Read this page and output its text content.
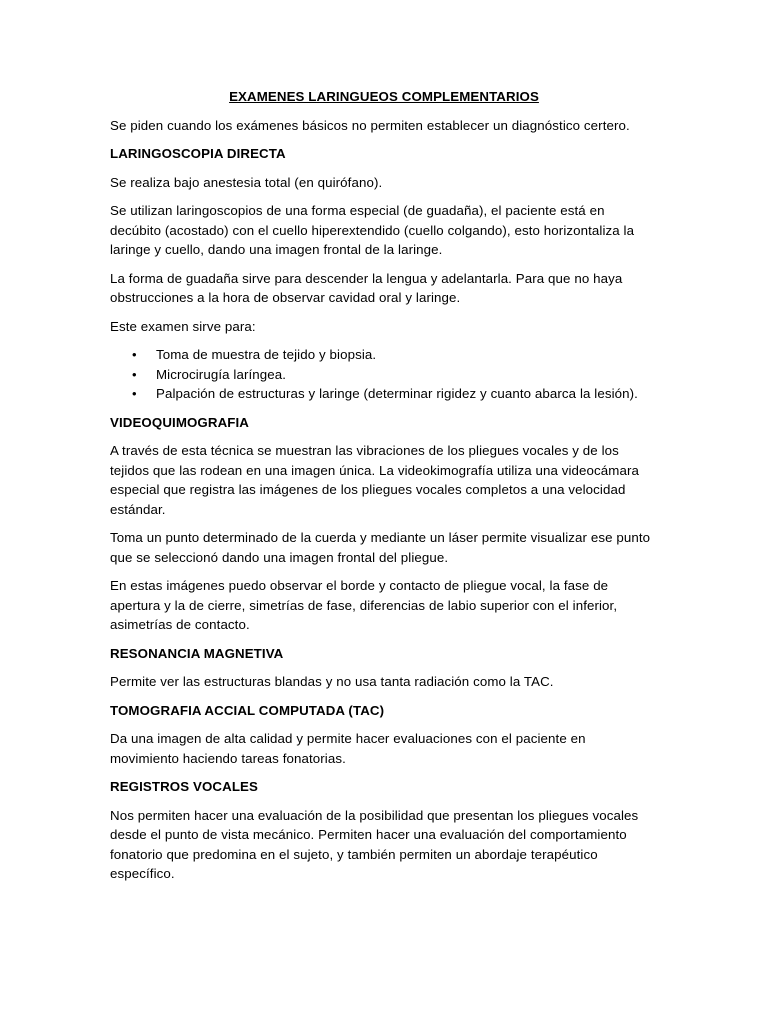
EXAMENES LARINGUEOS COMPLEMENTARIOS

Se piden cuando los exámenes básicos no permiten establecer un diagnóstico certero.

LARINGOSCOPIA DIRECTA

Se realiza bajo anestesia total (en quirófano).

Se utilizan laringoscopios de una forma especial (de guadaña), el paciente está en decúbito (acostado) con el cuello hiperextendido (cuello colgando), esto horizontaliza la laringe y cuello, dando una imagen frontal de la laringe.

La forma de guadaña sirve para descender la lengua y adelantarla. Para que no haya obstrucciones a la hora de observar cavidad oral y laringe.

Este examen sirve para:

• Toma de muestra de tejido y biopsia.
• Microcirugía laríngea.
• Palpación de estructuras y laringe (determinar rigidez y cuanto abarca la lesión).

VIDEOQUIMOGRAFIA

A través de esta técnica se muestran las vibraciones de los pliegues vocales y de los tejidos que las rodean en una imagen única. La videokimografía utiliza una videocámara especial que registra las imágenes de los pliegues vocales completos a una velocidad estándar.

Toma un punto determinado de la cuerda y mediante un láser permite visualizar ese punto que se seleccionó dando una imagen frontal del pliegue.

En estas imágenes puedo observar el borde y contacto de pliegue vocal, la fase de apertura y la de cierre, simetrías de fase, diferencias de labio superior con el inferior, asimetrías de contacto.

RESONANCIA MAGNETIVA

Permite ver las estructuras blandas y no usa tanta radiación como la TAC.

TOMOGRAFIA ACCIAL COMPUTADA (TAC)

Da una imagen de alta calidad y permite hacer evaluaciones con el paciente en movimiento haciendo tareas fonatorias.

REGISTROS VOCALES

Nos permiten hacer una evaluación de la posibilidad que presentan los pliegues vocales desde el punto de vista mecánico. Permiten hacer una evaluación del comportamiento fonatorio que predomina en el sujeto, y también permiten un abordaje terapéutico específico.
